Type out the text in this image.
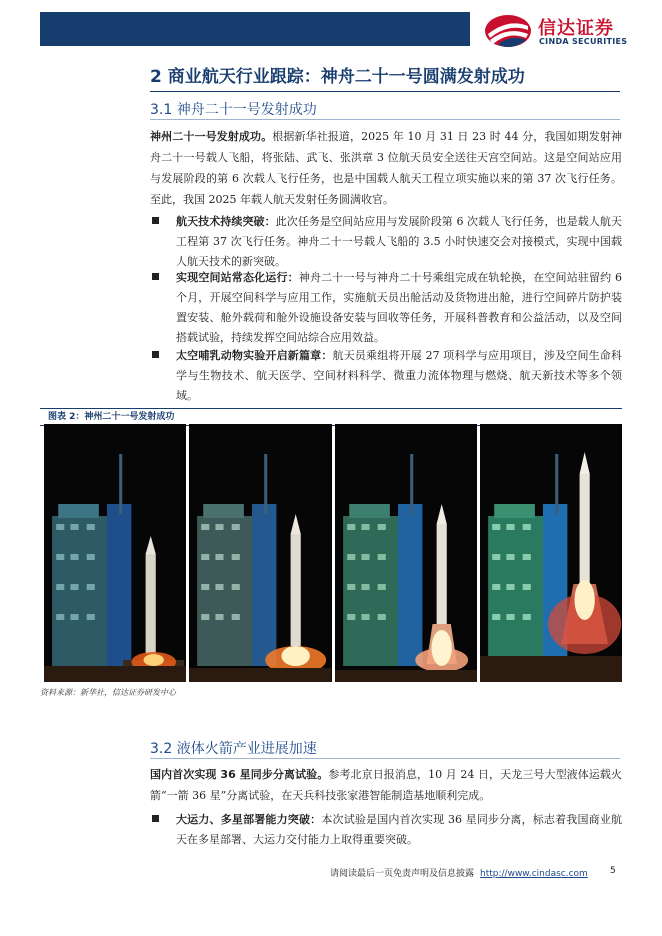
信达证券
CINDA SECURITIES
2 商业航天行业跟踪：神舟二十一号圆满发射成功
3.1 神舟二十一号发射成功
神州二十一号发射成功。根据新华社报道，2025 年 10 月 31 日 23 时 44 分，我国如期发射神舟二十一号载人飞船，将张陆、武飞、张洪章 3 位航天员安全送往天宫空间站。这是空间站应用与发展阶段的第 6 次载人飞行任务，也是中国载人航天工程立项实施以来的第 37 次飞行任务。至此，我国 2025 年载人航天发射任务圆满收官。
航天技术持续突破：此次任务是空间站应用与发展阶段第 6 次载人飞行任务，也是载人航天工程第 37 次飞行任务。神舟二十一号载人飞船的 3.5 小时快速交会对接模式，实现中国载人航天技术的新突破。
实现空间站常态化运行：神舟二十一号与神舟二十号乘组完成在轨轮换，在空间站驻留约 6 个月，开展空间科学与应用工作，实施航天员出舱活动及货物进出舱，进行空间碎片防护装置安装、舱外载荷和舱外设施设备安装与回收等任务，开展科普教育和公益活动，以及空间搭载试验，持续发挥空间站综合应用效益。
太空哺乳动物实验开启新篇章：航天员乘组将开展 27 项科学与应用项目，涉及空间生命科学与生物技术、航天医学、空间材料科学、微重力流体物理与燃烧、航天新技术等多个领域。
图表 2：神州二十一号发射成功
资料来源：新华社，信达证券研发中心
3.2 液体火箭产业进展加速
国内首次实现 36 星同步分离试验。参考北京日报消息，10 月 24 日，天龙三号大型液体运载火箭“一箭 36 星”分离试验，在天兵科技张家港智能制造基地顺利完成。
大运力、多星部署能力突破：本次试验是国内首次实现 36 星同步分离，标志着我国商业航天在多星部署、大运力交付能力上取得重要突破。
请阅读最后一页免责声明及信息披露 http://www.cindasc.com 5
